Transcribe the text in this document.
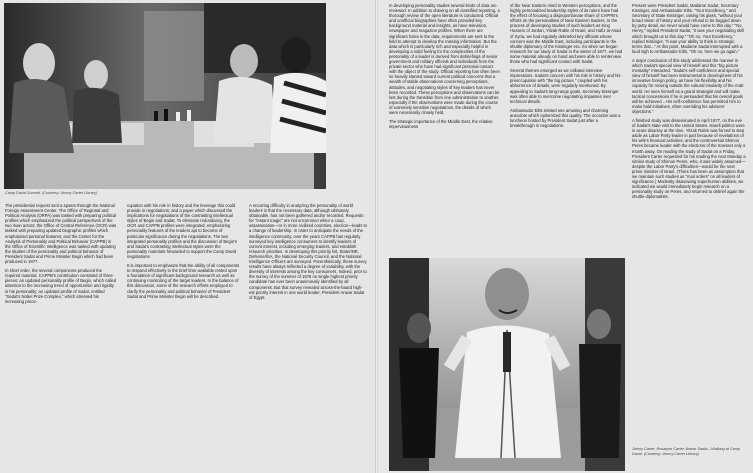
Camp David Summit. (Courtesy: Jimmy Carter Library)

The presidential request sent a spasm through the National Foreign Assessment Center. The Office of Regional and Political Analysis (ORPA) was tasked with preparing political profiles which emphasized the political perspectives of the two main actors; the Office of Central Reference (OCR) was tasked with preparing updated biographic profiles which emphasized personal features; and the Center for the Analysis of Personality and Political Behavior (CAPPB) in the Office of Scientific Intelligence was tasked with updating the studies of the personality and political behavior of President Sadat and Prime Minister Begin which had been produced in 1977.

In short order, the several components produced the required material. CAPPB's contribution consisted of three pieces: an updated personality profile of Begin, which called attention to the increasing trend of opportunism and rigidity in his personality; an updated profile of Sadat, entitled "Sadat's Nobel Prize Complex," which stressed his increasing preoc-

cupation with his role in history and the leverage this could provide in negotiations; and a paper which discussed the implications for negotiations of the contrasting intellectual styles of Begin and Sadat. To eliminate redundancy, the OCR and CAPPB profiles were integrated, emphasizing personality features of the leaders apt to become of particular significance during the negotiations. The two integrated personality profiles and the discussion of Begin's and Sadat's contrasting intellectual styles were the personality materials forwarded to support the Camp David negotiations.

It is important to emphasize that the ability of all components to respond effectively in the brief time available rested upon a foundation of significant background research as well as continuing monitoring of the target leaders. In the balance of this discussion, some of the research efforts employed to clarify the personality and political behavior of President Sadat and Prime Minister Begin will be described.

A recurring difficulty in analyzing the personality of world leaders is that the necessary data, although ultimately obtainable, has not been gathered and/or recorded. Requests for "instant magic" are not uncommon when a coup, assassination—or in more civilized countries, election—leads to a change of leadership. In order to anticipate the needs of the intelligence community, over the years CAPPB has regularly surveyed key intelligence consumers to identify leaders of current interest, including emerging leaders, and establish research priorities. In developing this priority list, State/INR, Defense/ISA, the National Security Council, and the National Intelligence Officers are surveyed. Parenthetically, these survey results have always reflected a degree of variability, with the diversity of interests among the key consumers. Indeed, prior to the survey of the summer of 1976 no single highest priority candidate has ever been unanimously identified by all components. But that survey revealed across-the-board high-est priority interest in one world leader, President Anwar Sadat of Egypt.

In developing personality studies several kinds of data are reviewed. In addition to drawing on all classified reporting, a thorough review of the open literature is conducted. Official and unofficial biographies have often provided key background material and insights, as have television, newspaper and magazine profiles. When there are significant holes in the data, requirements are sent to the field to attempt to develop the missing information. But the data which is particularly rich and especially helpful in developing a solid feeling for the complexities of the personality of a leader is derived from debriefings of senior government and military officials and individuals from the private sector who have had significant personal contact with the object of the study. Official reporting has often been so heavily slanted toward current political concerns that a wealth of stable observations concerning perceptions, attitudes, and negotiating styles of key leaders has never been recorded. These perceptions and observations can be lost during the transition from one administration to another, especially if the observations were made during the course of extremely sensitive negotiations, the details of which were necessarily closely held.

The strategic importance of the Middle East, the relative imperviousness

of the Near Eastern mind to Western perceptions, and the highly personalized leadership styles of its rulers have had the effect of focusing a disproportionate share of CAPPB's efforts on the personalities of Near Eastern leaders. In the process of developing studies of such leaders as King Hussein of Jordan, Yitzak Rabin of Israel, and Hafiz al-Asad of Syria, we had regularly debriefed key officials whose concern was the Middle East, including participants in the shuttle diplomacy of the Kissinger era. So when we began research for our study of Sadat in the winter of 1977, we had some material already on hand and were able to reinterview those who had significant contact with Sadat.

Several themes emerged as we collated interview impressions. Sadat's concern with his role in history and his preoccupation with "the big picture," coupled with his abhorrence of details, were regularly mentioned. By appealing to Sadat's long-range goals, Secretary Kissinger was often able to overcome negotiating impasses over technical details.

Ambassador Eilts related one amusing and charming anecdote which epitomized this quality. The occasion was a luncheon hosted by President Sadat just after a breakthrough in negotiations.

Present were President Sadat, Madame Sadat, Secretary Kissinger, and Ambassador Eilts. "Your Excellency," and Secretary of State Kissinger, raising his glass, "without your broad vision of history and your refusal to be bogged down by petty detail, we never would have come to this day." "No, Henry," replied President Sadat, "it was your negotiating skill which brought us to this day." "Oh no, Your Excellency," replied Kissinger, "it was your ability to think in strategic terms that..." At this point, Madame Sadat interrupted with a loud sigh to Ambassador Eilts, "Oh no, here we go again."

A major conclusion of this study addressed the manner in which Sadat's special view of himself and this "big picture mentality" interacted. "Sadat's self-confidence and special view of himself has been instrumental in development of his innovative foreign policy, as have his flexibility and his capacity for moving outside the cultural insularity of the Arab world. He sees himself as a grand strategist and will make tactical concessions if he is persuaded that his overall goals will be achieved... His self-confidence has permitted him to make bold initiatives, often overriding his advisers' objections."

A finished study was disseminated in April 1977, on the eve of Sadat's state visit to the United States. Israeli politics were in acute disarray at the time. Yitzak Rabin was forced to step aside as Labor Party leader in part because of revelations of his wife's financial activities, and the controversial Shimon Peres became leader with the elections of the Knesset only a month away. On reading the study of Sadat on a Friday, President Carter requested for his reading the next Monday a similar study of Shimon Peres, who, it was widely assumed—despite the Labor Party's difficulties—would be the next prime minister of Israel. (There has been an assumption that we maintain such studies as "mail orders" on all leaders of significance.) Modestly disavowing superhuman abilities, we indicated we would immediately begin research on a personality study on Peres, and returned to debrief again the shuttle diplomatists.

Jimmy Carter, Rosalynn Carter, Anwar Sadat—Walking at Camp David. (Courtesy: Jimmy Carter Library)
